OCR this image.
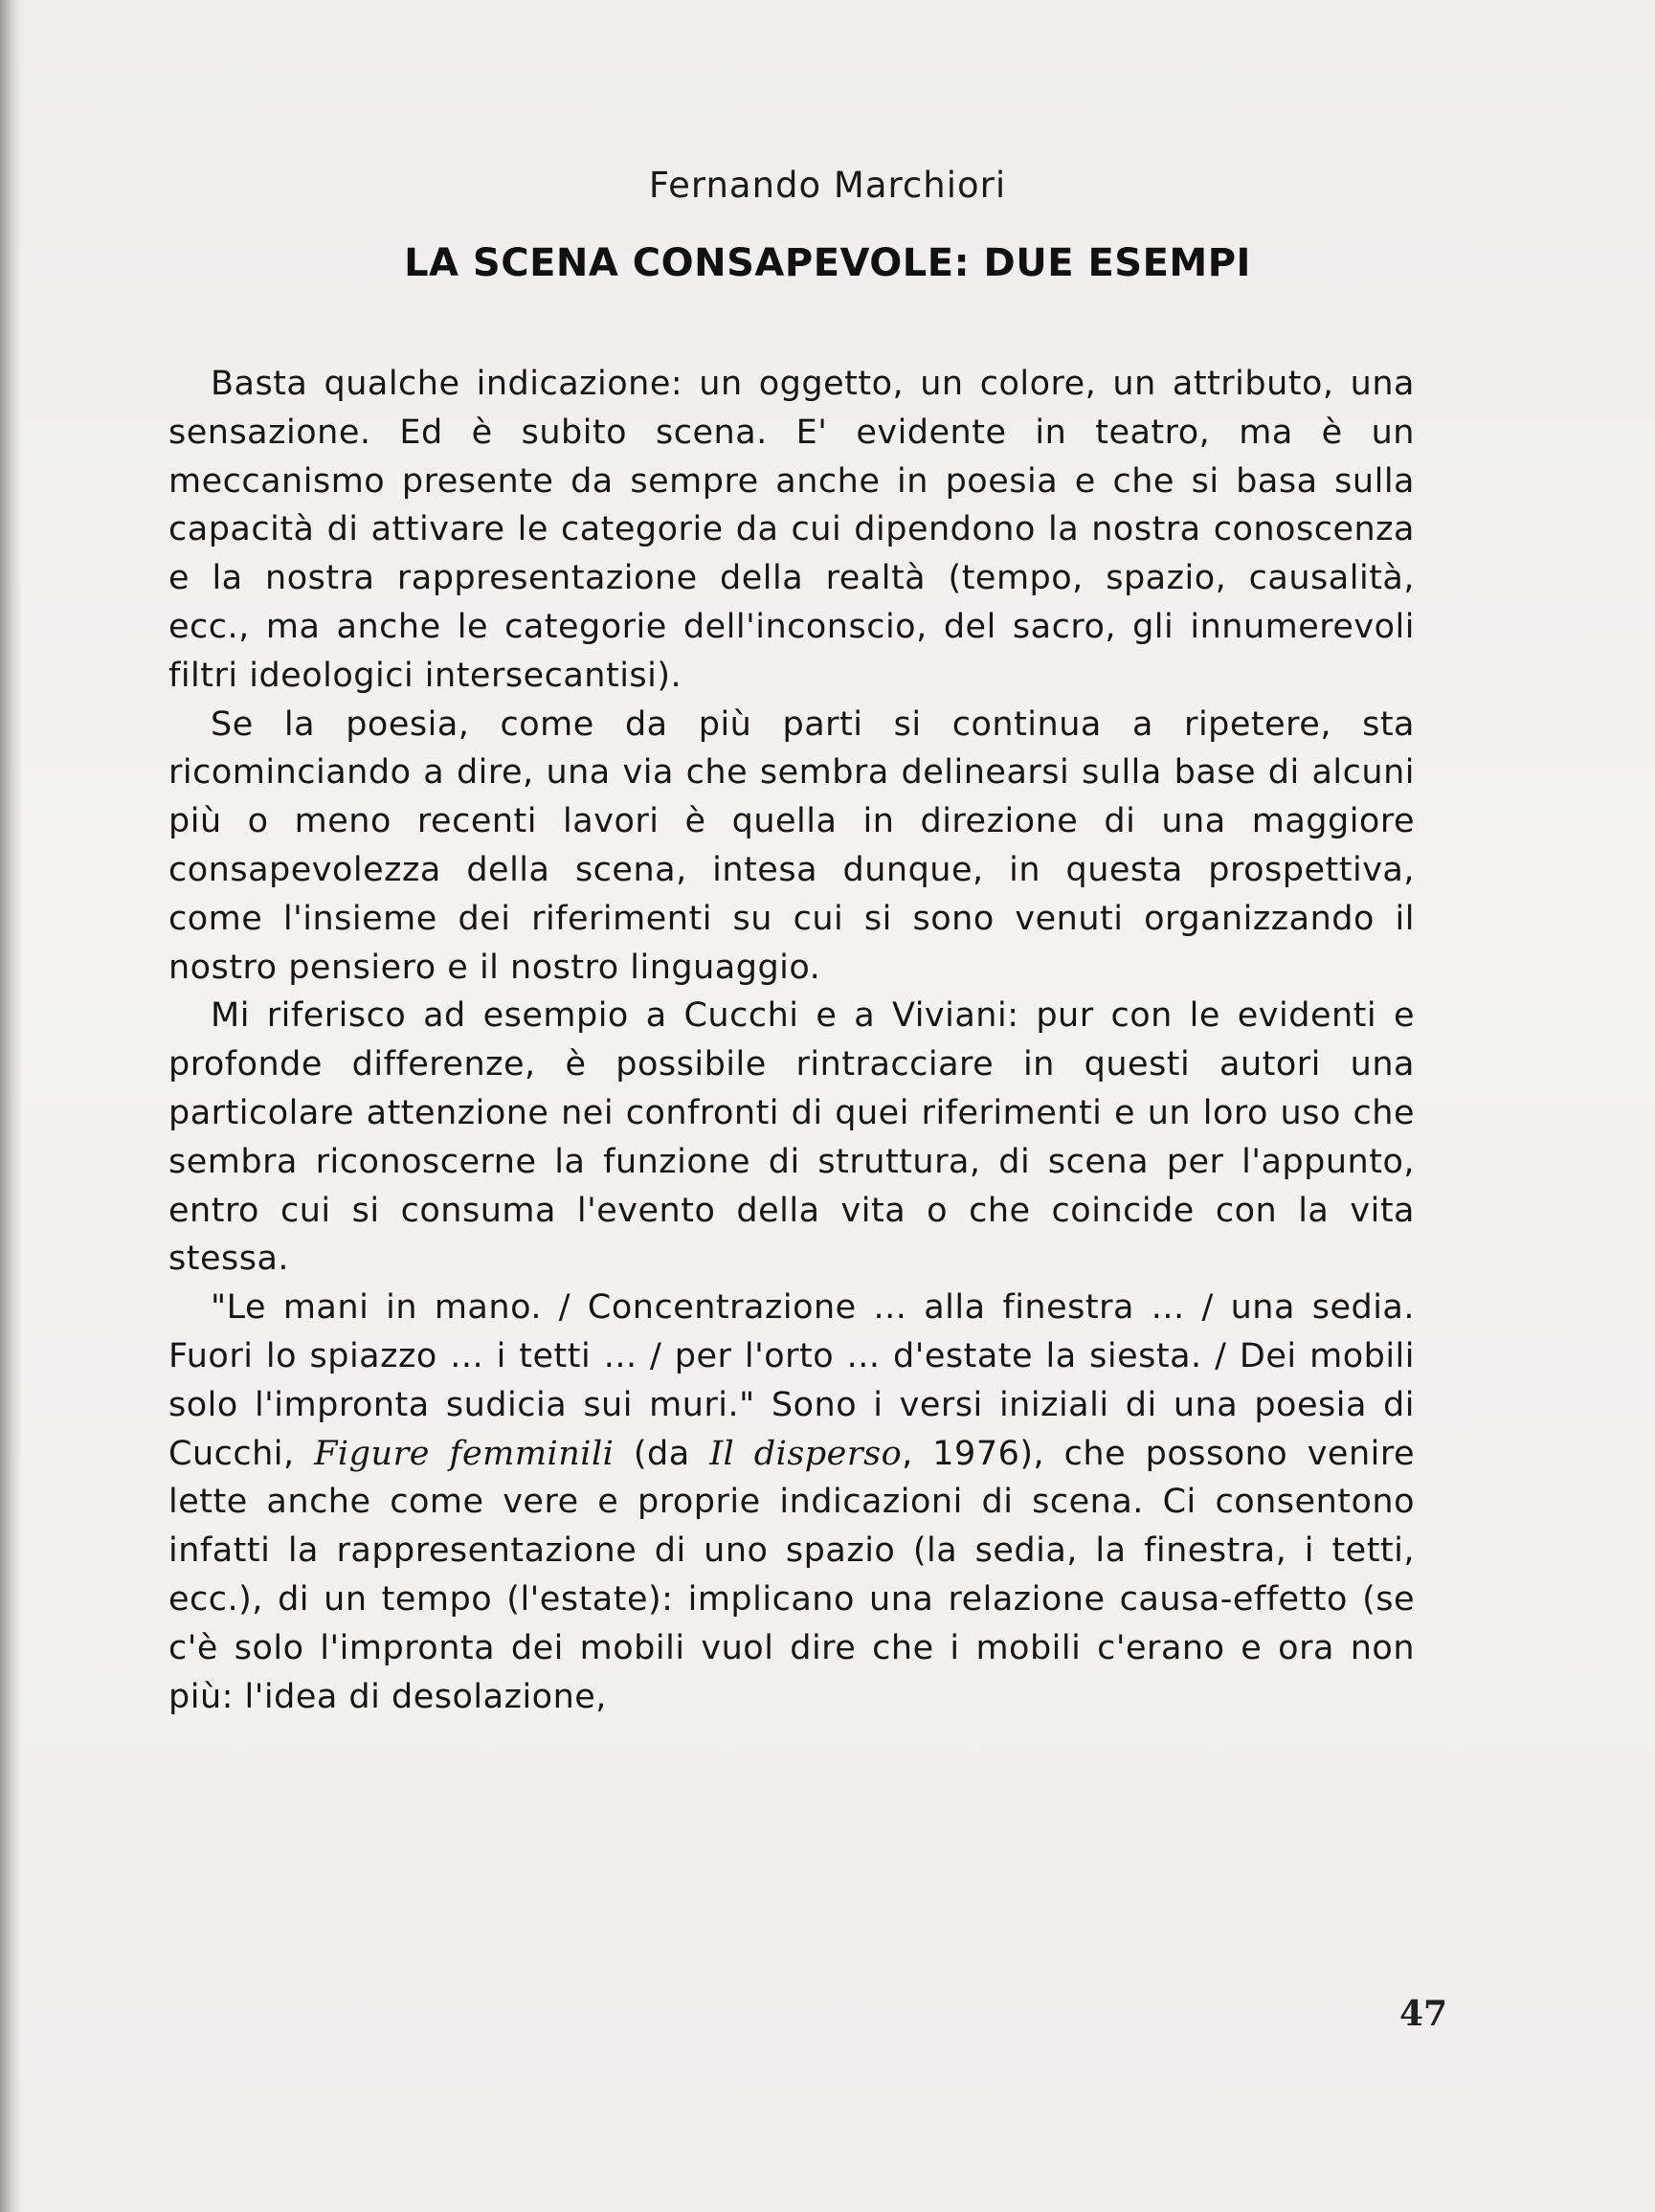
Fernando Marchiori
LA SCENA CONSAPEVOLE: DUE ESEMPI

Basta qualche indicazione: un oggetto, un colore, un attributo, una sensazione. Ed è subito scena. E' evidente in teatro, ma è un meccanismo presente da sempre anche in poesia e che si basa sulla capacità di attivare le categorie da cui dipendono la nostra conoscenza e la nostra rappresentazione della realtà (tempo, spazio, causalità, ecc., ma anche le categorie dell'inconscio, del sacro, gli innumerevoli filtri ideologici intersecantisi).

Se la poesia, come da più parti si continua a ripetere, sta ricominciando a dire, una via che sembra delinearsi sulla base di alcuni più o meno recenti lavori è quella in direzione di una maggiore consapevolezza della scena, intesa dunque, in questa prospettiva, come l'insieme dei riferimenti su cui si sono venuti organizzando il nostro pensiero e il nostro linguaggio.

Mi riferisco ad esempio a Cucchi e a Viviani: pur con le evidenti e profonde differenze, è possibile rintracciare in questi autori una particolare attenzione nei confronti di quei riferimenti e un loro uso che sembra riconoscerne la funzione di struttura, di scena per l'appunto, entro cui si consuma l'evento della vita o che coincide con la vita stessa.

"Le mani in mano. / Concentrazione ... alla finestra ... / una sedia. Fuori lo spiazzo ... i tetti ... / per l'orto ... d'estate la siesta. / Dei mobili solo l'impronta sudicia sui muri." Sono i versi iniziali di una poesia di Cucchi, Figure femminili (da Il disperso, 1976), che possono venire lette anche come vere e proprie indicazioni di scena. Ci consentono infatti la rappresentazione di uno spazio (la sedia, la finestra, i tetti, ecc.), di un tempo (l'estate): implicano una relazione causa-effetto (se c'è solo l'impronta dei mobili vuol dire che i mobili c'erano e ora non più: l'idea di desolazione,

47
